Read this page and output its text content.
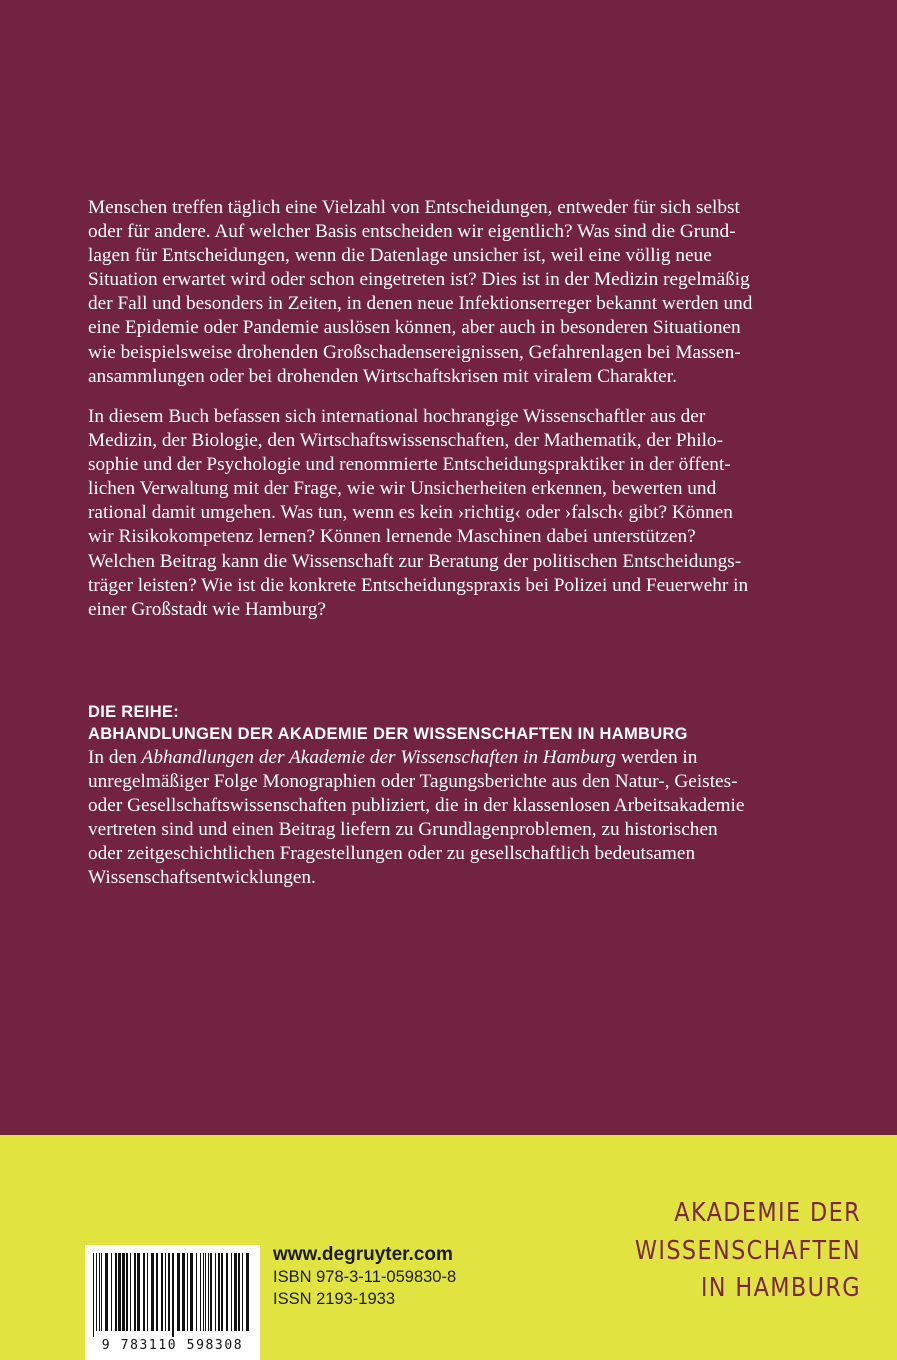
Menschen treffen täglich eine Vielzahl von Entscheidungen, entweder für sich selbst
oder für andere. Auf welcher Basis entscheiden wir eigentlich? Was sind die Grund-
lagen für Entscheidungen, wenn die Datenlage unsicher ist, weil eine völlig neue
Situation erwartet wird oder schon eingetreten ist? Dies ist in der Medizin regelmäßig
der Fall und besonders in Zeiten, in denen neue Infektionserreger bekannt werden und
eine Epidemie oder Pandemie auslösen können, aber auch in besonderen Situationen
wie beispielsweise drohenden Großschadensereignissen, Gefahrenlagen bei Massen-
ansammlungen oder bei drohenden Wirtschaftskrisen mit viralem Charakter.

In diesem Buch befassen sich international hochrangige Wissenschaftler aus der
Medizin, der Biologie, den Wirtschaftswissenschaften, der Mathematik, der Philo-
sophie und der Psychologie und renommierte Entscheidungspraktiker in der öffent-
lichen Verwaltung mit der Frage, wie wir Unsicherheiten erkennen, bewerten und
rational damit umgehen. Was tun, wenn es kein ›richtig‹ oder ›falsch‹ gibt? Können
wir Risikokompetenz lernen? Können lernende Maschinen dabei unterstützen?
Welchen Beitrag kann die Wissenschaft zur Beratung der politischen Entscheidungs-
träger leisten? Wie ist die konkrete Entscheidungspraxis bei Polizei und Feuerwehr in
einer Großstadt wie Hamburg?

DIE REIHE:

ABHANDLUNGEN DER AKADEMIE DER WISSENSCHAFTEN IN HAMBURG

In den Abhandlungen der Akademie der Wissenschaften in Hamburg werden in
unregelmäßiger Folge Monographien oder Tagungsberichte aus den Natur-, Geistes-
oder Gesellschaftswissenschaften publiziert, die in der klassenlosen Arbeitsakademie
vertreten sind und einen Beitrag liefern zu Grundlagenproblemen, zu historischen
oder zeitgeschichtlichen Fragestellungen oder zu gesellschaftlich bedeutsamen
Wissenschaftsentwicklungen.

9 783110 598308

www.degruyter.com

ISBN 978-3-11-059830-8

ISSN 2193-1933

AKADEMIE DER

WISSENSCHAFTEN

IN HAMBURG
